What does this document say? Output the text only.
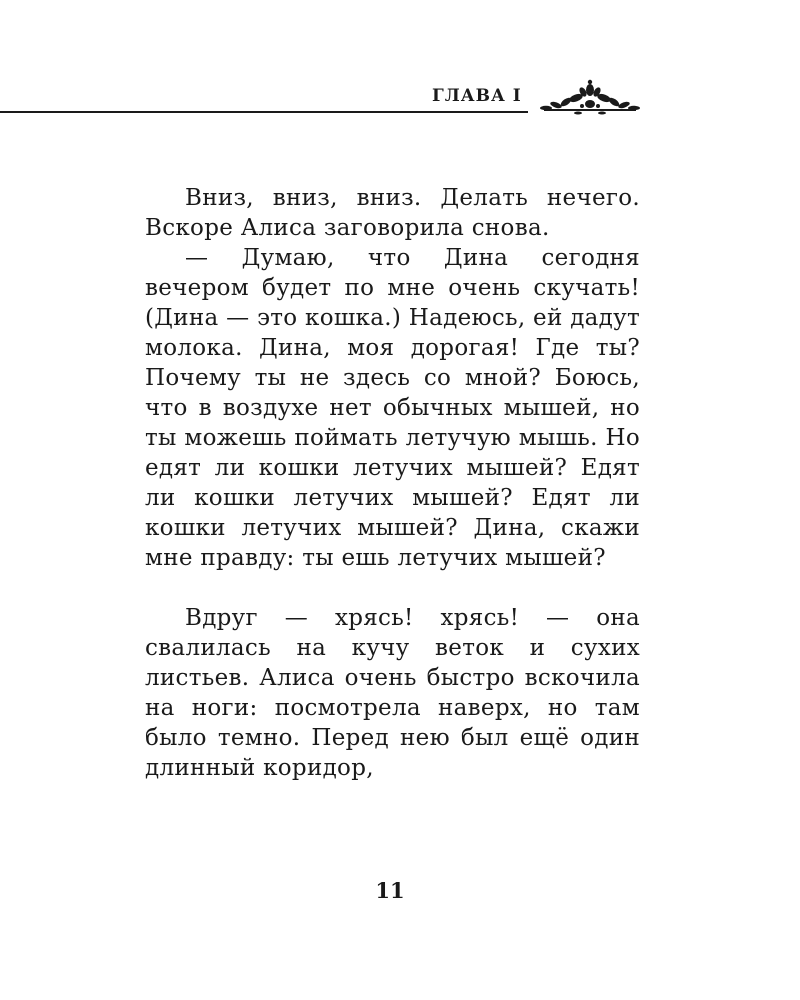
ГЛАВА I

Вниз, вниз, вниз. Делать нечего. Вскоре Алиса заговорила снова.

— Думаю, что Дина сегодня вечером будет по мне очень скучать! (Дина — это кошка.) Надеюсь, ей дадут молока. Дина, моя дорогая! Где ты? Почему ты не здесь со мной? Боюсь, что в воздухе нет обычных мышей, но ты можешь поймать летучую мышь. Но едят ли кошки летучих мышей? Едят ли кошки летучих мышей? Едят ли кошки летучих мышей? Дина, скажи мне правду: ты ешь летучих мышей?

Вдруг — хрясь! хрясь! — она свалилась на кучу веток и сухих листьев. Алиса очень быстро вскочила на ноги: посмотрела наверх, но там было темно. Перед нею был ещё один длинный коридор,

11
